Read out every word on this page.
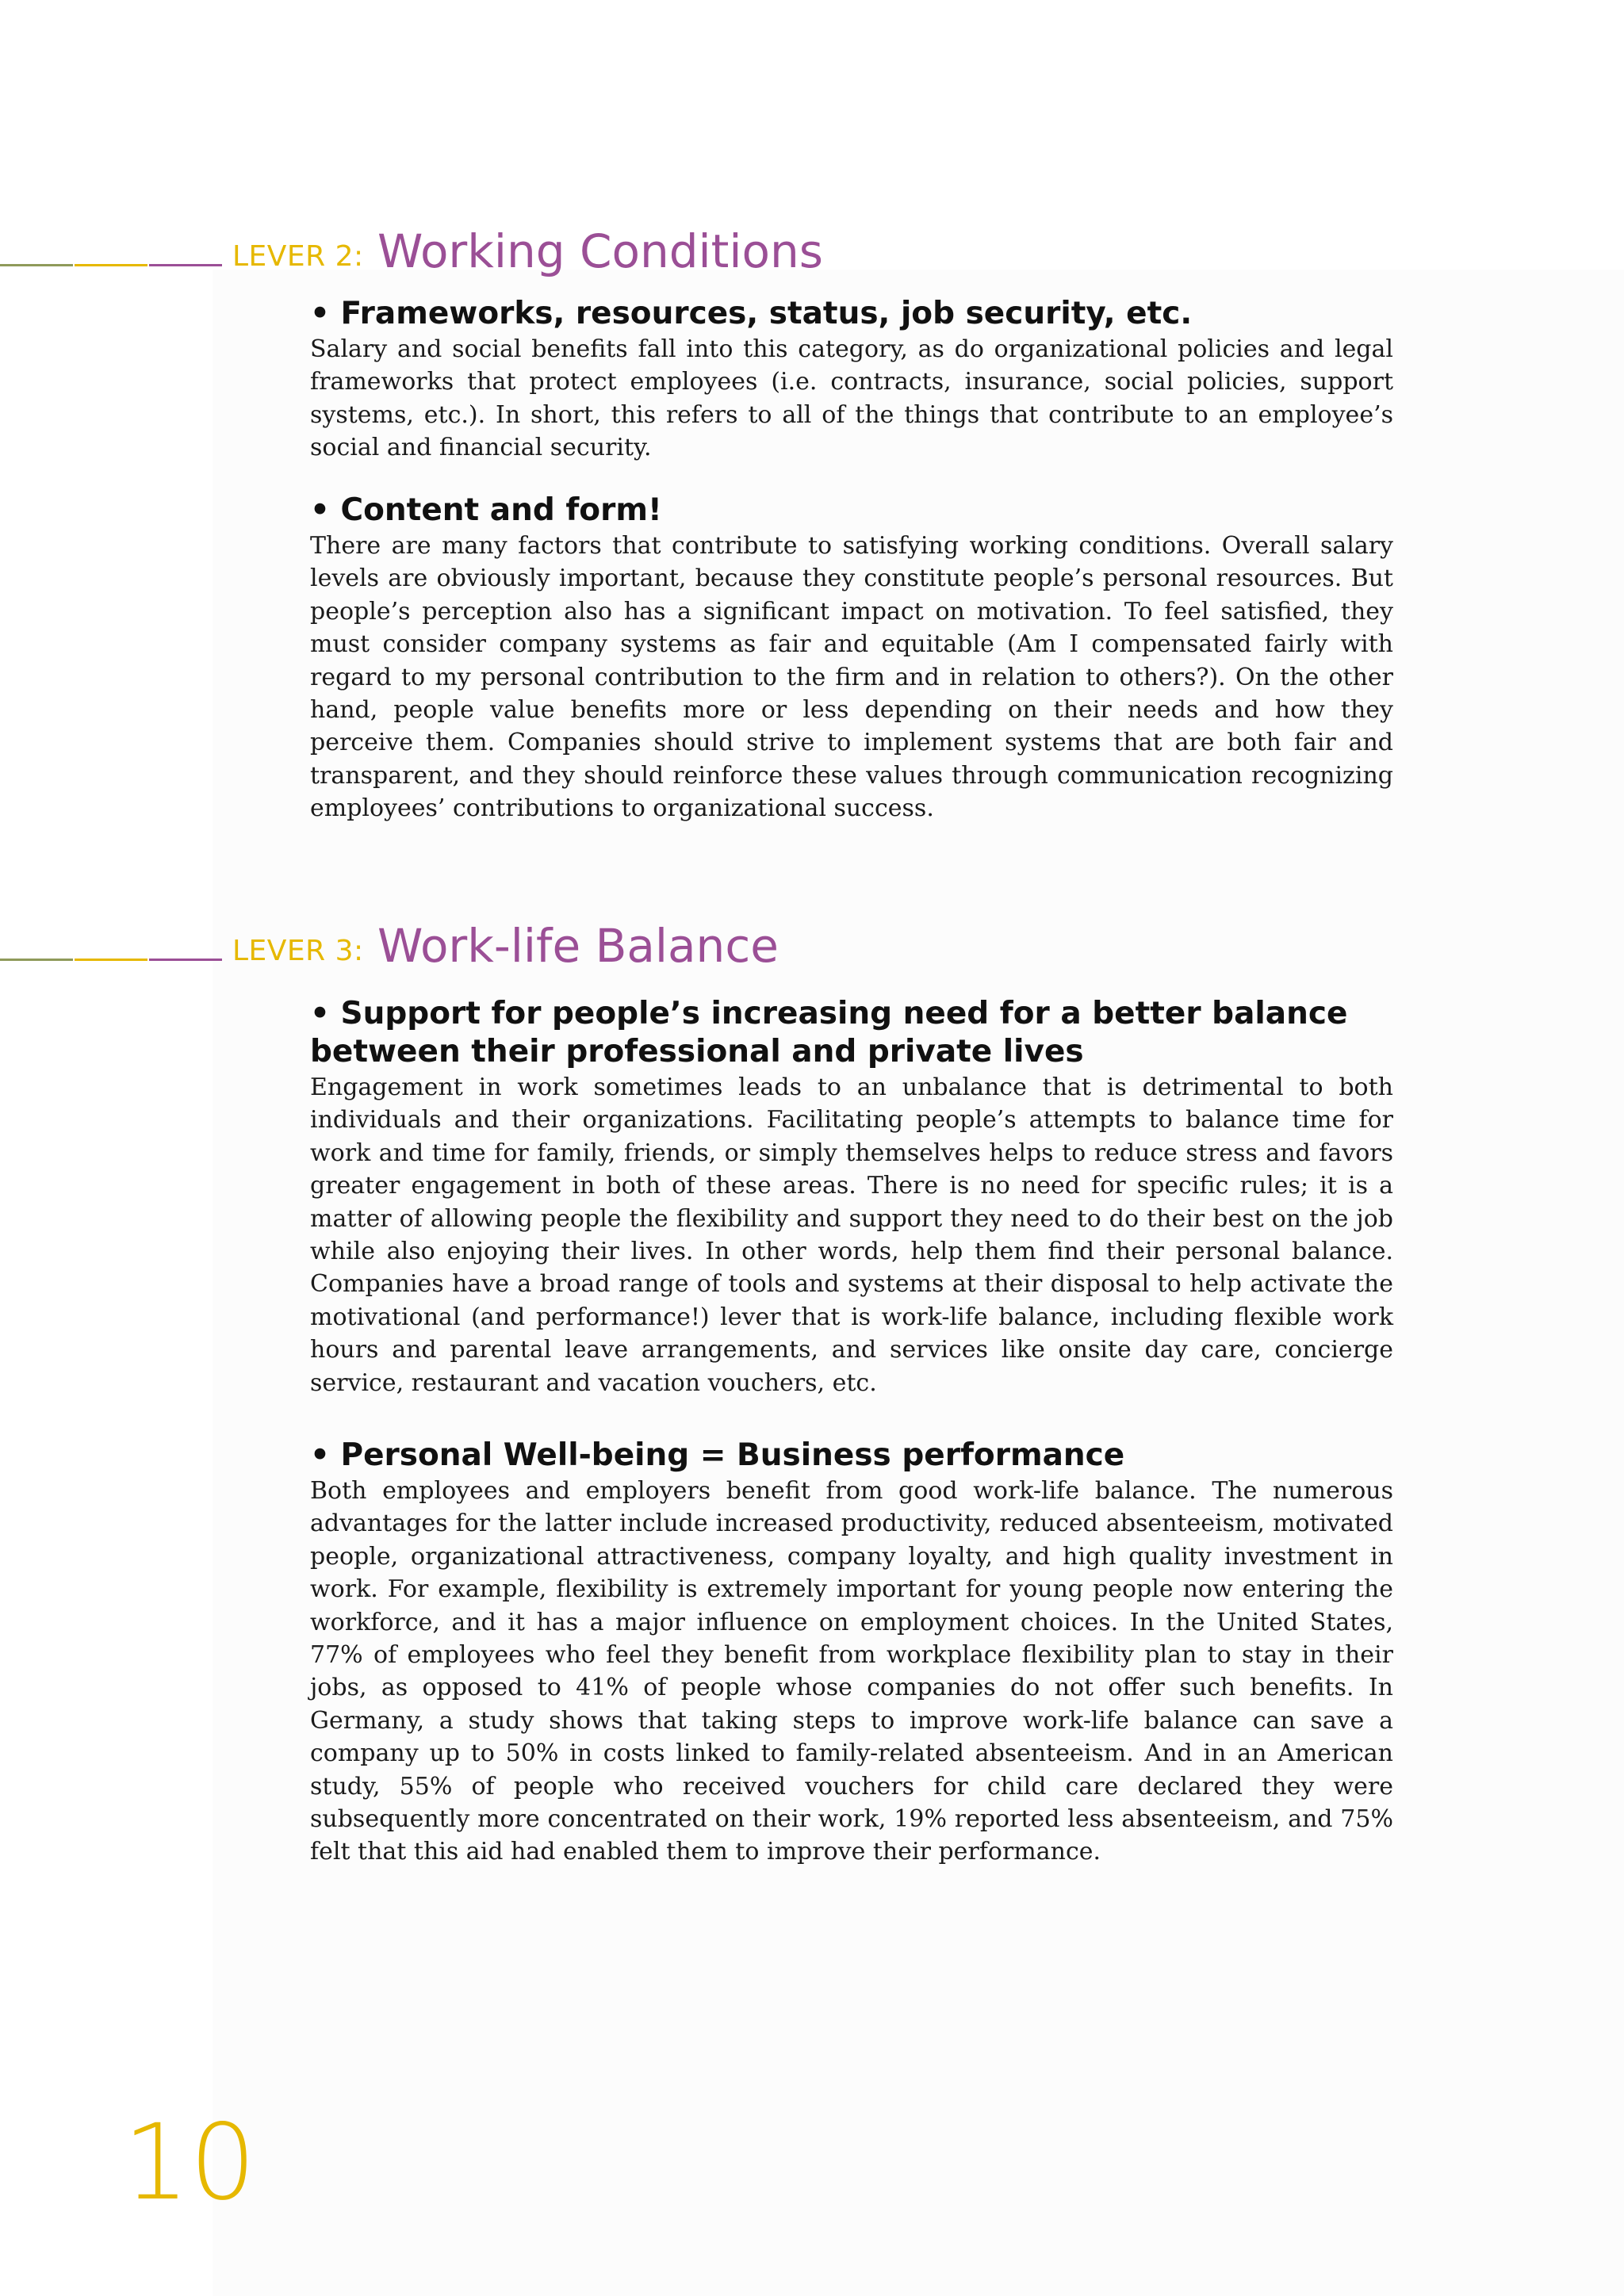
LEVER 2: Working Conditions
• Frameworks, resources, status, job security, etc.

Salary and social benefits fall into this category, as do organizational policies and legal frameworks that protect employees (i.e. contracts, insurance, social policies, support systems, etc.). In short, this refers to all of the things that contribute to an employee’s social and financial security.

• Content and form!

There are many factors that contribute to satisfying working conditions. Overall salary levels are obviously important, because they constitute people’s personal resources. But people’s perception also has a significant impact on motivation. To feel satisfied, they must consider company systems as fair and equitable (Am I compensated fairly with regard to my personal contribution to the firm and in relation to others?). On the other hand, people value benefits more or less depending on their needs and how they perceive them. Companies should strive to implement systems that are both fair and transparent, and they should reinforce these values through communication recognizing employees’ contributions to organizational success.

LEVER 3: Work-life Balance
• Support for people’s increasing need for a better balance between their professional and private lives

Engagement in work sometimes leads to an unbalance that is detrimental to both individuals and their organizations. Facilitating people’s attempts to balance time for work and time for family, friends, or simply themselves helps to reduce stress and favors greater engagement in both of these areas. There is no need for specific rules; it is a matter of allowing people the flexibility and support they need to do their best on the job while also enjoying their lives. In other words, help them find their personal balance. Companies have a broad range of tools and systems at their disposal to help activate the motivational (and performance!) lever that is work-life balance, including flexible work hours and parental leave arrangements, and services like onsite day care, concierge service, restaurant and vacation vouchers, etc.

• Personal Well-being = Business performance

Both employees and employers benefit from good work-life balance. The numerous advantages for the latter include increased productivity, reduced absenteeism, motivated people, organizational attractiveness, company loyalty, and high quality investment in work. For example, flexibility is extremely important for young people now entering the workforce, and it has a major influence on employment choices. In the United States, 77% of employees who feel they benefit from workplace flexibility plan to stay in their jobs, as opposed to 41% of people whose companies do not offer such benefits. In Germany, a study shows that taking steps to improve work-life balance can save a company up to 50% in costs linked to family-related absenteeism. And in an American study, 55% of people who received vouchers for child care declared they were subsequently more concentrated on their work, 19% reported less absenteeism, and 75% felt that this aid had enabled them to improve their performance.

10
